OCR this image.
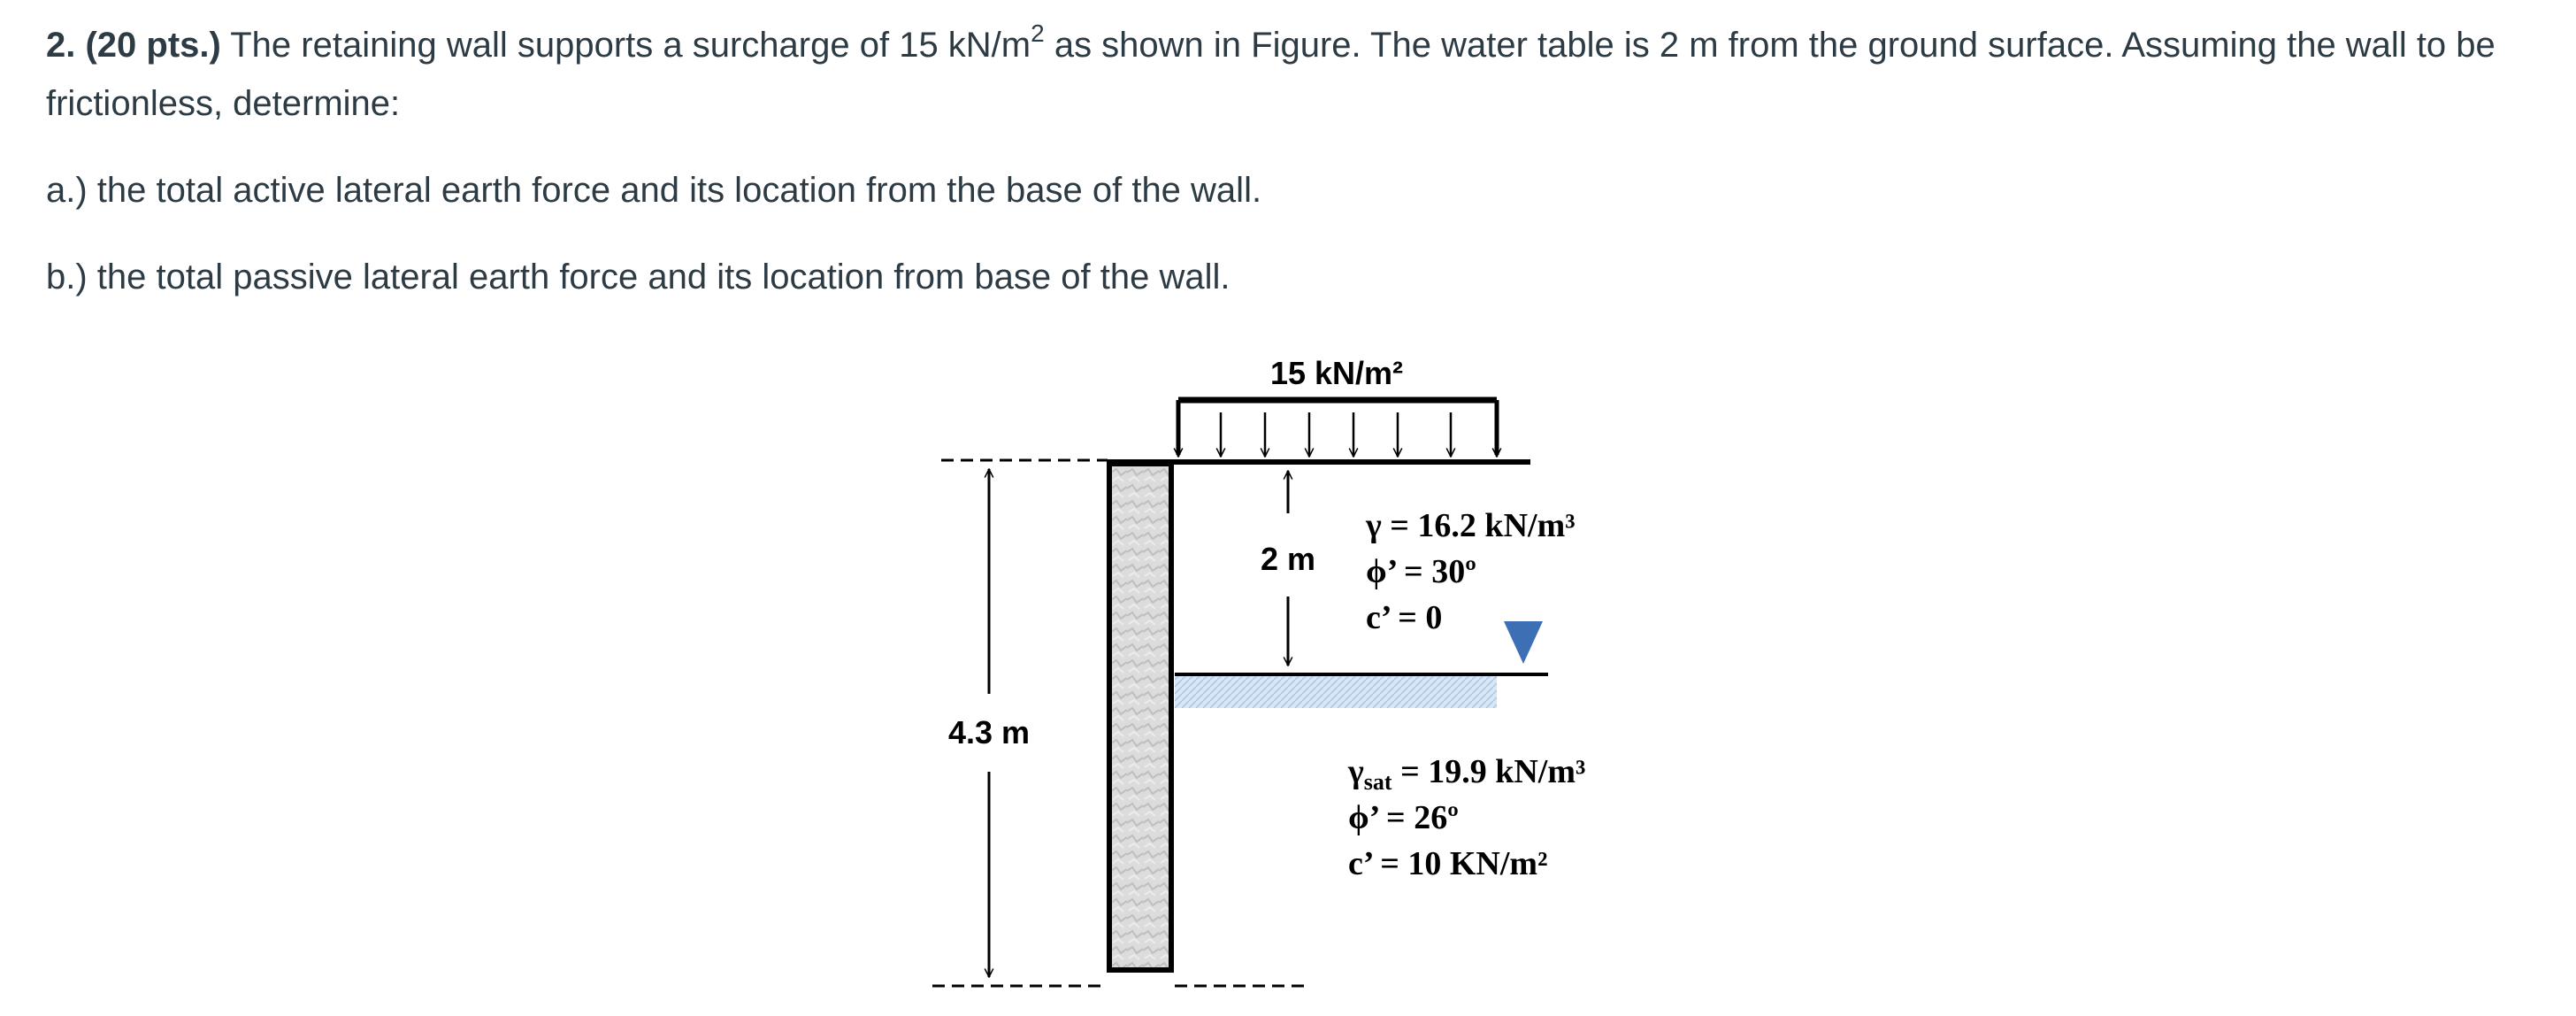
2. (20 pts.) The retaining wall supports a surcharge of 15 $kN/m^2$ as shown in Figure. The water table is 2 m from the ground surface. Assuming the wall to be frictionless, determine:

a.) the total active lateral earth force and its location from the base of the wall.

b.) the total passive lateral earth force and its location from base of the wall.

15 kN/m²
4.3 m
2 m
γ = 16.2 kN/m³
ϕ’ = 30º
c’ = 0
$\gamma_{sat} = 19.9$ kN/m³
ϕ’ = 26º
c’ = 10 KN/m²
